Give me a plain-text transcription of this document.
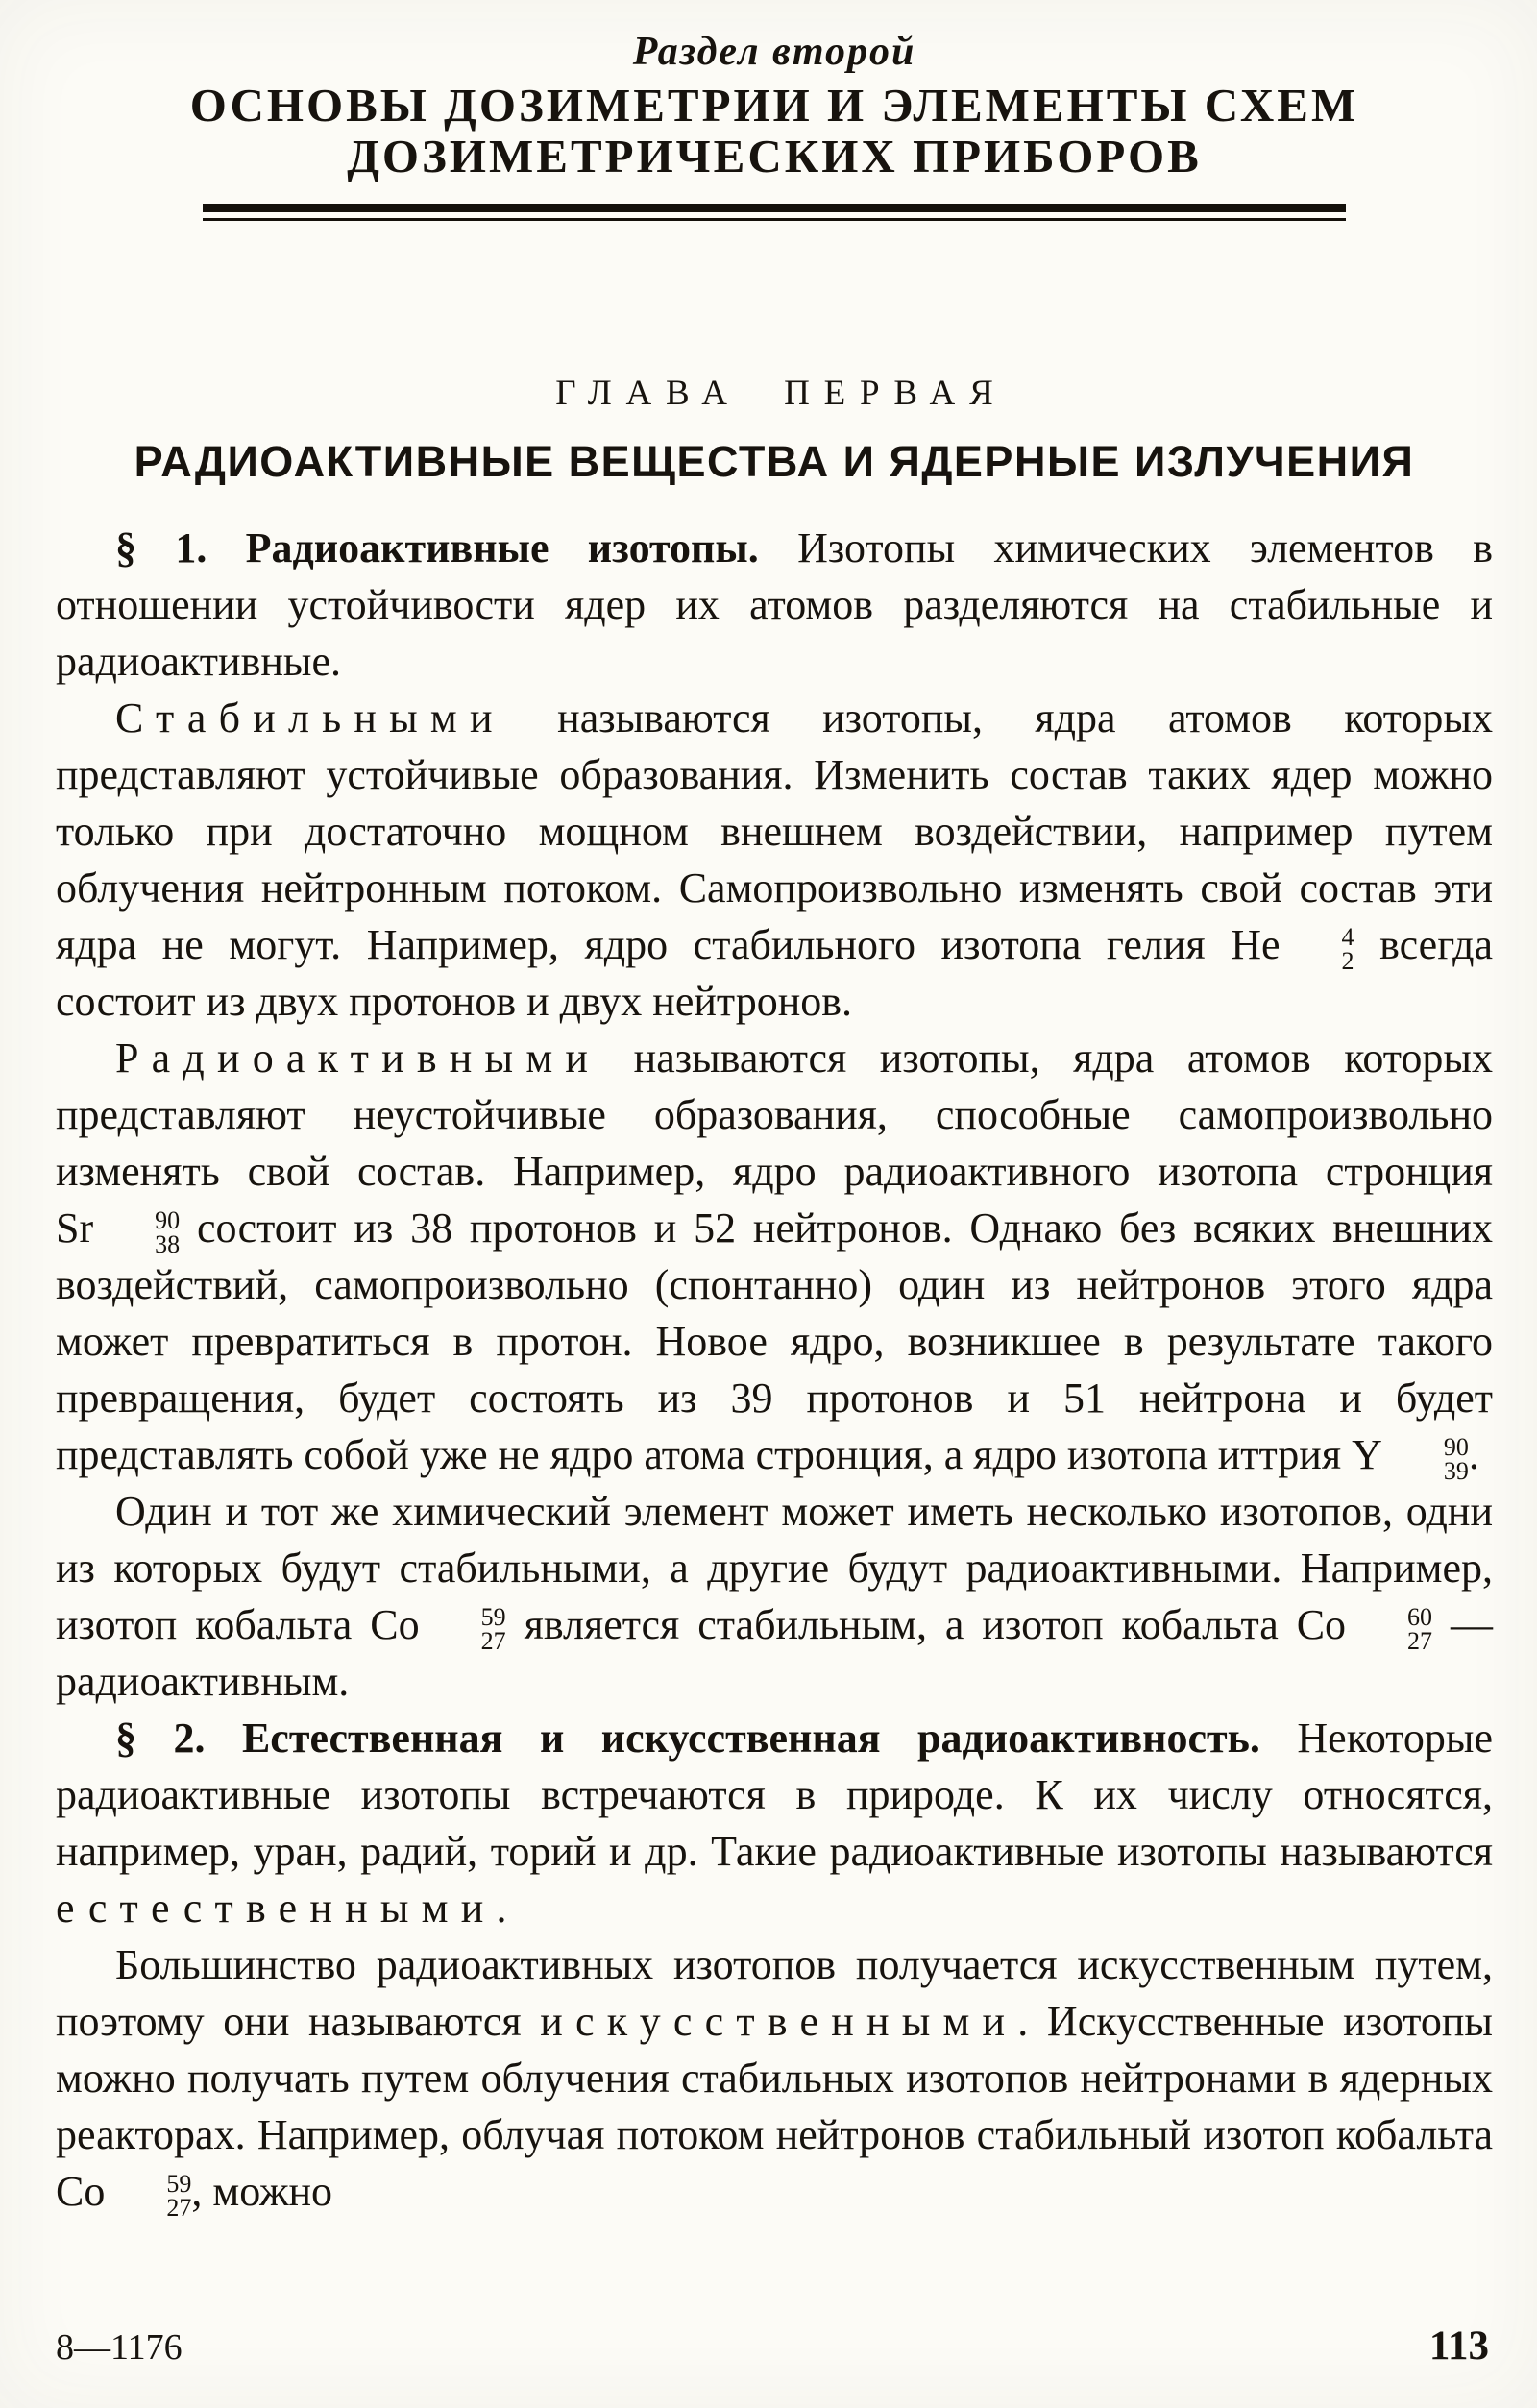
Раздел второй
ОСНОВЫ ДОЗИМЕТРИИ И ЭЛЕМЕНТЫ СХЕМ
ДОЗИМЕТРИЧЕСКИХ ПРИБОРОВ
ГЛАВА ПЕРВАЯ
РАДИОАКТИВНЫЕ ВЕЩЕСТВА И ЯДЕРНЫЕ ИЗЛУЧЕНИЯ

§ 1. Радиоактивные изотопы. Изотопы химических элементов в отношении устойчивости ядер их атомов разделяются на стабильные и радиоактивные.

Стабильными называются изотопы, ядра атомов которых представляют устойчивые образования. Изменить состав таких ядер можно только при достаточно мощном внешнем воздействии, например путем облучения нейтронным потоком. Самопроизвольно изменять свой состав эти ядра не могут. Например, ядро стабильного изотопа гелия He	4
2 всегда состоит из двух протонов и двух нейтронов.

Радиоактивными называются изотопы, ядра атомов которых представляют неустойчивые образования, способные самопроизвольно изменять свой состав. Например, ядро радиоактивного изотопа стронция Sr	90
38 состоит из 38 протонов и 52 нейтронов. Однако без всяких внешних воздействий, самопроизвольно (спонтанно) один из нейтронов этого ядра может превратиться в протон. Новое ядро, возникшее в результате такого превращения, будет состоять из 39 протонов и 51 нейтрона и будет представлять собой уже не ядро атома стронция, а ядро изотопа иттрия Y	90
39 .

Один и тот же химический элемент может иметь несколько изотопов, одни из которых будут стабильными, а другие будут радиоактивными. Например, изотоп кобальта Co	59
27 является стабильным, а изотоп кобальта Co	60
27 — радиоактивным.

§ 2. Естественная и искусственная радиоактивность. Некоторые радиоактивные изотопы встречаются в природе. К их числу относятся, например, уран, радий, торий и др. Такие радиоактивные изотопы называются естественными.

Большинство радиоактивных изотопов получается искусственным путем, поэтому они называются искусственными. Искусственные изотопы можно получать путем облучения стабильных изотопов нейтронами в ядерных реакторах. Например, облучая потоком нейтронов стабильный изотоп кобальта Co	59
27 , можно

8—1176	113
